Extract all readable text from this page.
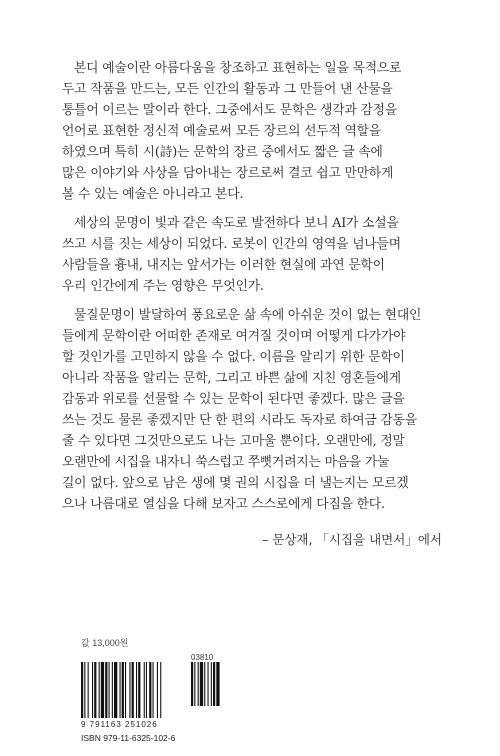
본디 예술이란 아름다움을 창조하고 표현하는 일을 목적으로
두고 작품을 만드는, 모든 인간의 활동과 그 만들어 낸 산물을
통틀어 이르는 말이라 한다. 그중에서도 문학은 생각과 감정을
언어로 표현한 정신적 예술로써 모든 장르의 선두적 역할을
하였으며 특히 시(詩)는 문학의 장르 중에서도 짧은 글 속에
많은 이야기와 사상을 담아내는 장르로써 결코 쉽고 만만하게
볼 수 있는 예술은 아니라고 본다.
세상의 문명이 빛과 같은 속도로 발전하다 보니 AI가 소설을
쓰고 시를 짓는 세상이 되었다. 로봇이 인간의 영역을 넘나들며
사람들을 흉내, 내지는 앞서가는 이러한 현실에 과연 문학이
우리 인간에게 주는 영향은 무엇인가.
물질문명이 발달하여 풍요로운 삶 속에 아쉬운 것이 없는 현대인
들에게 문학이란 어떠한 존재로 여겨질 것이며 어떻게 다가가야
할 것인가를 고민하지 않을 수 없다. 이름을 알리기 위한 문학이
아니라 작품을 알리는 문학, 그리고 바쁜 삶에 지친 영혼들에게
감동과 위로를 선물할 수 있는 문학이 된다면 좋겠다. 많은 글을
쓰는 것도 물론 좋겠지만 단 한 편의 시라도 독자로 하여금 감동을
줄 수 있다면 그것만으로도 나는 고마울 뿐이다. 오랜만에, 정말
오랜만에 시집을 내자니 쑥스럽고 쭈뼛거려지는 마음을 가눌
길이 없다. 앞으로 남은 생에 몇 권의 시집을 더 낼는지는 모르겠
으나 나름대로 열심을 다해 보자고 스스로에게 다짐을 한다.
– 문상재, 「시집을 내면서」에서
값 13,000원
03810
9 791163 251026
ISBN 979-11-6325-102-6
